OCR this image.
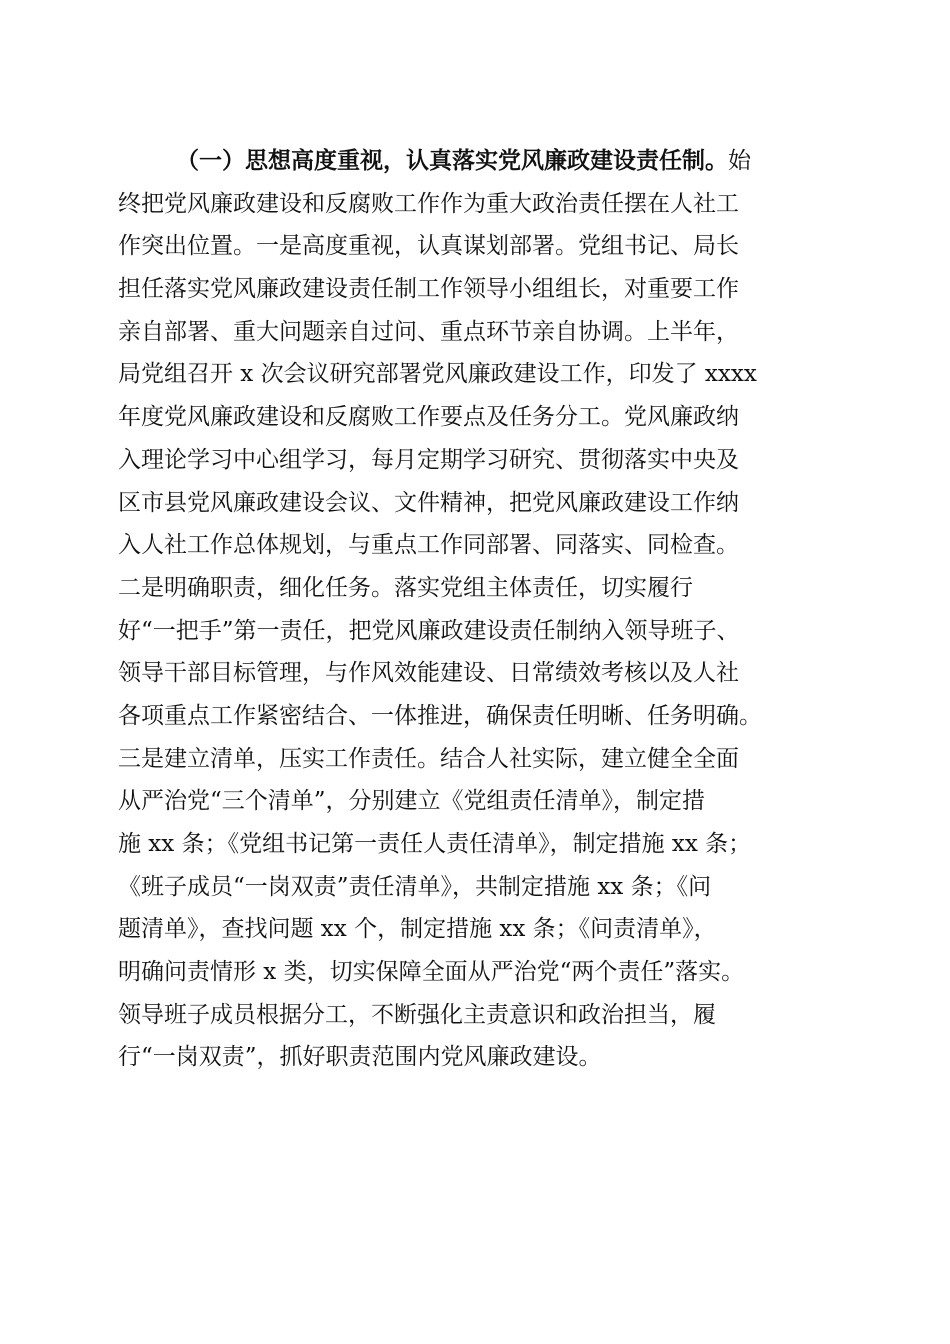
（一）思想高度重视，认真落实党风廉政建设责任制。始
终把党风廉政建设和反腐败工作作为重大政治责任摆在人社工
作突出位置。一是高度重视，认真谋划部署。党组书记、局长
担任落实党风廉政建设责任制工作领导小组组长，对重要工作
亲自部署、重大问题亲自过问、重点环节亲自协调。上半年，
局党组召开 x 次会议研究部署党风廉政建设工作，印发了 xxxx
年度党风廉政建设和反腐败工作要点及任务分工。党风廉政纳
入理论学习中心组学习，每月定期学习研究、贯彻落实中央及
区市县党风廉政建设会议、文件精神，把党风廉政建设工作纳
入人社工作总体规划，与重点工作同部署、同落实、同检查。
二是明确职责，细化任务。落实党组主体责任，切实履行
好“一把手”第一责任，把党风廉政建设责任制纳入领导班子、
领导干部目标管理，与作风效能建设、日常绩效考核以及人社
各项重点工作紧密结合、一体推进，确保责任明晰、任务明确。
三是建立清单，压实工作责任。结合人社实际，建立健全全面
从严治党“三个清单”，分别建立《党组责任清单》，制定措
施 xx 条；《党组书记第一责任人责任清单》，制定措施 xx 条；
《班子成员“一岗双责”责任清单》，共制定措施 xx 条；《问
题清单》，查找问题 xx 个，制定措施 xx 条；《问责清单》，
明确问责情形 x 类，切实保障全面从严治党“两个责任”落实。
领导班子成员根据分工，不断强化主责意识和政治担当，履
行“一岗双责”，抓好职责范围内党风廉政建设。
